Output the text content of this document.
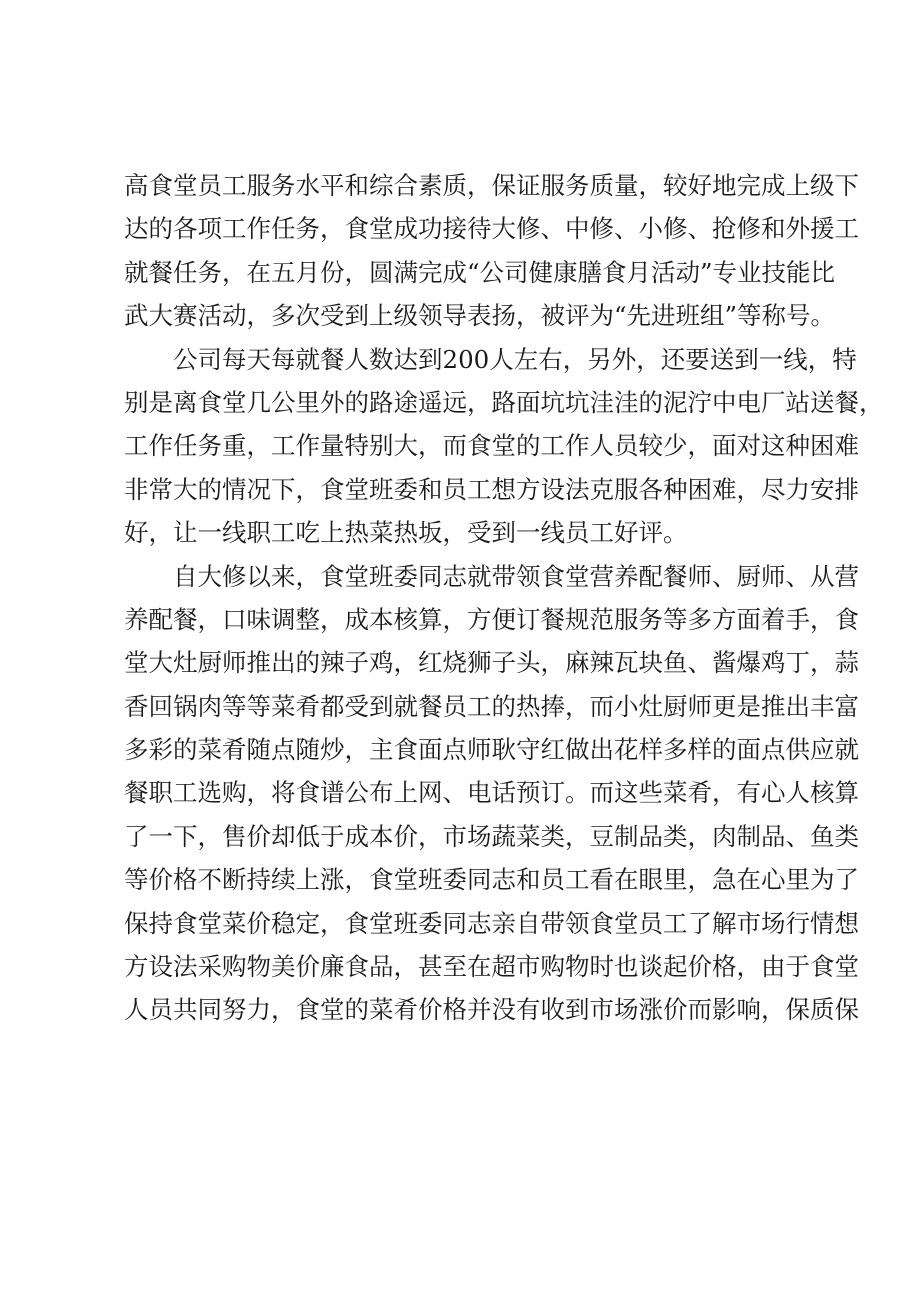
高食堂员工服务水平和综合素质，保证服务质量，较好地完成上级下
达的各项工作任务，食堂成功接待大修、中修、小修、抢修和外援工
就餐任务，在五月份，圆满完成“公司健康膳食月活动”专业技能比
武大赛活动，多次受到上级领导表扬，被评为“先进班组”等称号。
公司每天每就餐人数达到200人左右，另外，还要送到一线，特
别是离食堂几公里外的路途遥远，路面坑坑洼洼的泥泞中电厂站送餐，
工作任务重，工作量特别大，而食堂的工作人员较少，面对这种困难
非常大的情况下，食堂班委和员工想方设法克服各种困难，尽力安排
好，让一线职工吃上热菜热坂，受到一线员工好评。
自大修以来，食堂班委同志就带领食堂营养配餐师、厨师、从营
养配餐，口味调整，成本核算，方便订餐规范服务等多方面着手，食
堂大灶厨师推出的辣子鸡，红烧狮子头，麻辣瓦块鱼、酱爆鸡丁，蒜
香回锅肉等等菜肴都受到就餐员工的热捧，而小灶厨师更是推出丰富
多彩的菜肴随点随炒，主食面点师耿守红做出花样多样的面点供应就
餐职工选购，将食谱公布上网、电话预订。而这些菜肴，有心人核算
了一下，售价却低于成本价，市场蔬菜类，豆制品类，肉制品、鱼类
等价格不断持续上涨，食堂班委同志和员工看在眼里，急在心里为了
保持食堂菜价稳定，食堂班委同志亲自带领食堂员工了解市场行情想
方设法采购物美价廉食品，甚至在超市购物时也谈起价格，由于食堂
人员共同努力，食堂的菜肴价格并没有收到市场涨价而影响，保质保
